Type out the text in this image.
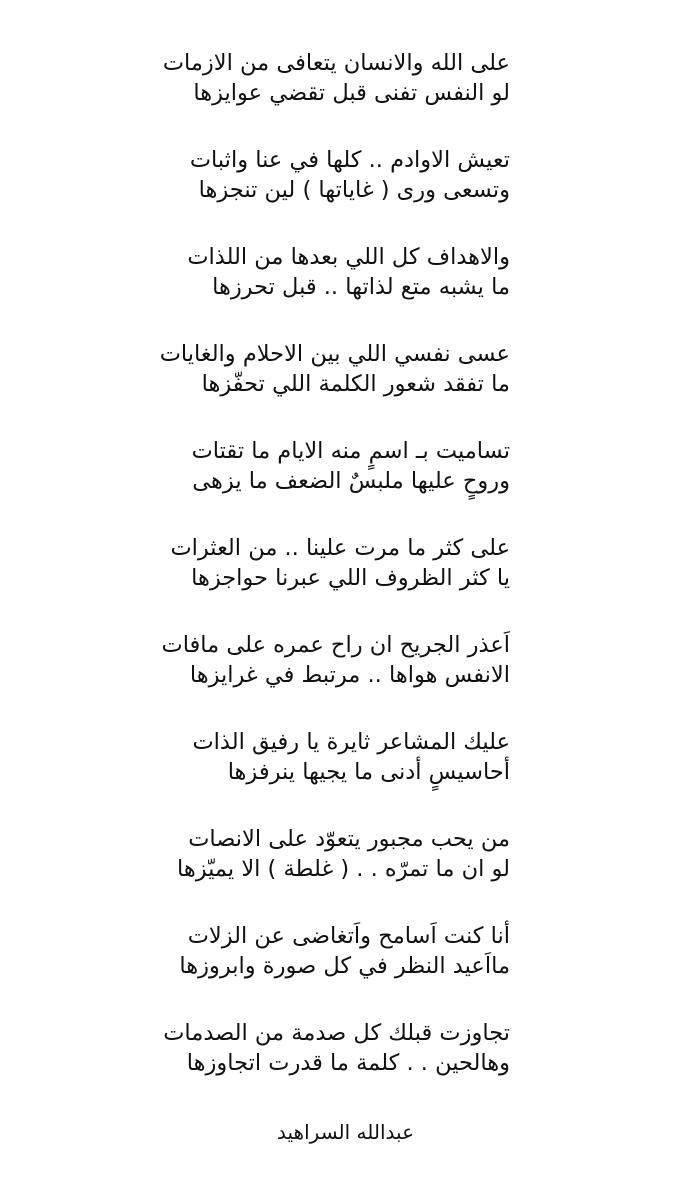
على الله والانسان يتعافى من الازمات
لو النفس تفنى قبل تقضي عوايزها
تعيش الاوادم .. كلها في عنا واثبات
وتسعى ورى ( غاياتها ) لين تنجزها
والاهداف كل اللي بعدها من اللذات
ما يشبه متع لذاتها .. قبل تحرزها
عسى نفسي اللي بين الاحلام والغايات
ما تفقد شعور الكلمة اللي تحفّزها
تساميت بـ اسمٍ منه الايام ما تقتات
وروحٍ عليها ملبسٌ الضعف ما يزهى
على كثر ما مرت علينا .. من العثرات
يا كثر الظروف اللي عبرنا حواجزها
اَعذر الجريح ان راح عمره على مافات
الانفس هواها .. مرتبط في غرايزها
عليك المشاعر ثايرة يا رفيق الذات
أحاسيسٍ أدنى ما يجيها ينرفزها
من يحب مجبور يتعوّد على الانصات
لو ان ما تمرّه . . ( غلطة ) الا يميّزها
أنا كنت اَسامح واَتغاضى عن الزلات
مااَعيد النظر في كل صورة وابروزها
تجاوزت قبلك كل صدمة من الصدمات
وهالحين . . كلمة ما قدرت اتجاوزها
عبدالله السراهيد
